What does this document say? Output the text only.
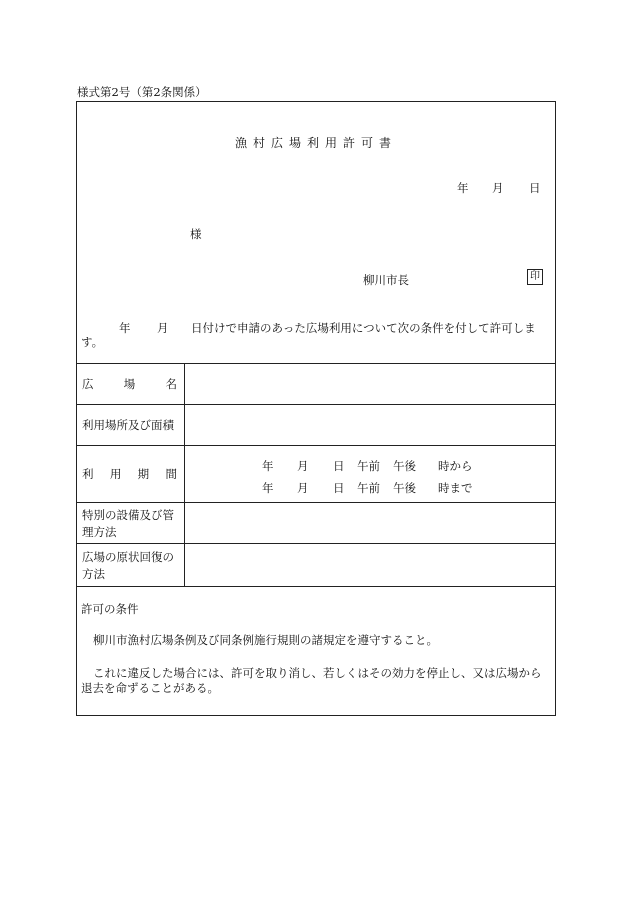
様式第2号（第2条関係）
漁村広場利用許可書
年 月 日
様
柳川市長	印
年 月 日付けで申請のあった広場利用について次の条件を付して許可しま
す。
広	場	名
利用場所及び面積
利 用 期 間
年 月 日 午前 午後 時から
年 月 日 午前 午後 時まで
特別の設備及び管
理方法
広場の原状回復の
方法
許可の条件
柳川市漁村広場条例及び同条例施行規則の諸規定を遵守すること。
これに違反した場合には、許可を取り消し、若しくはその効力を停止し、又は広場から
退去を命ずることがある。
